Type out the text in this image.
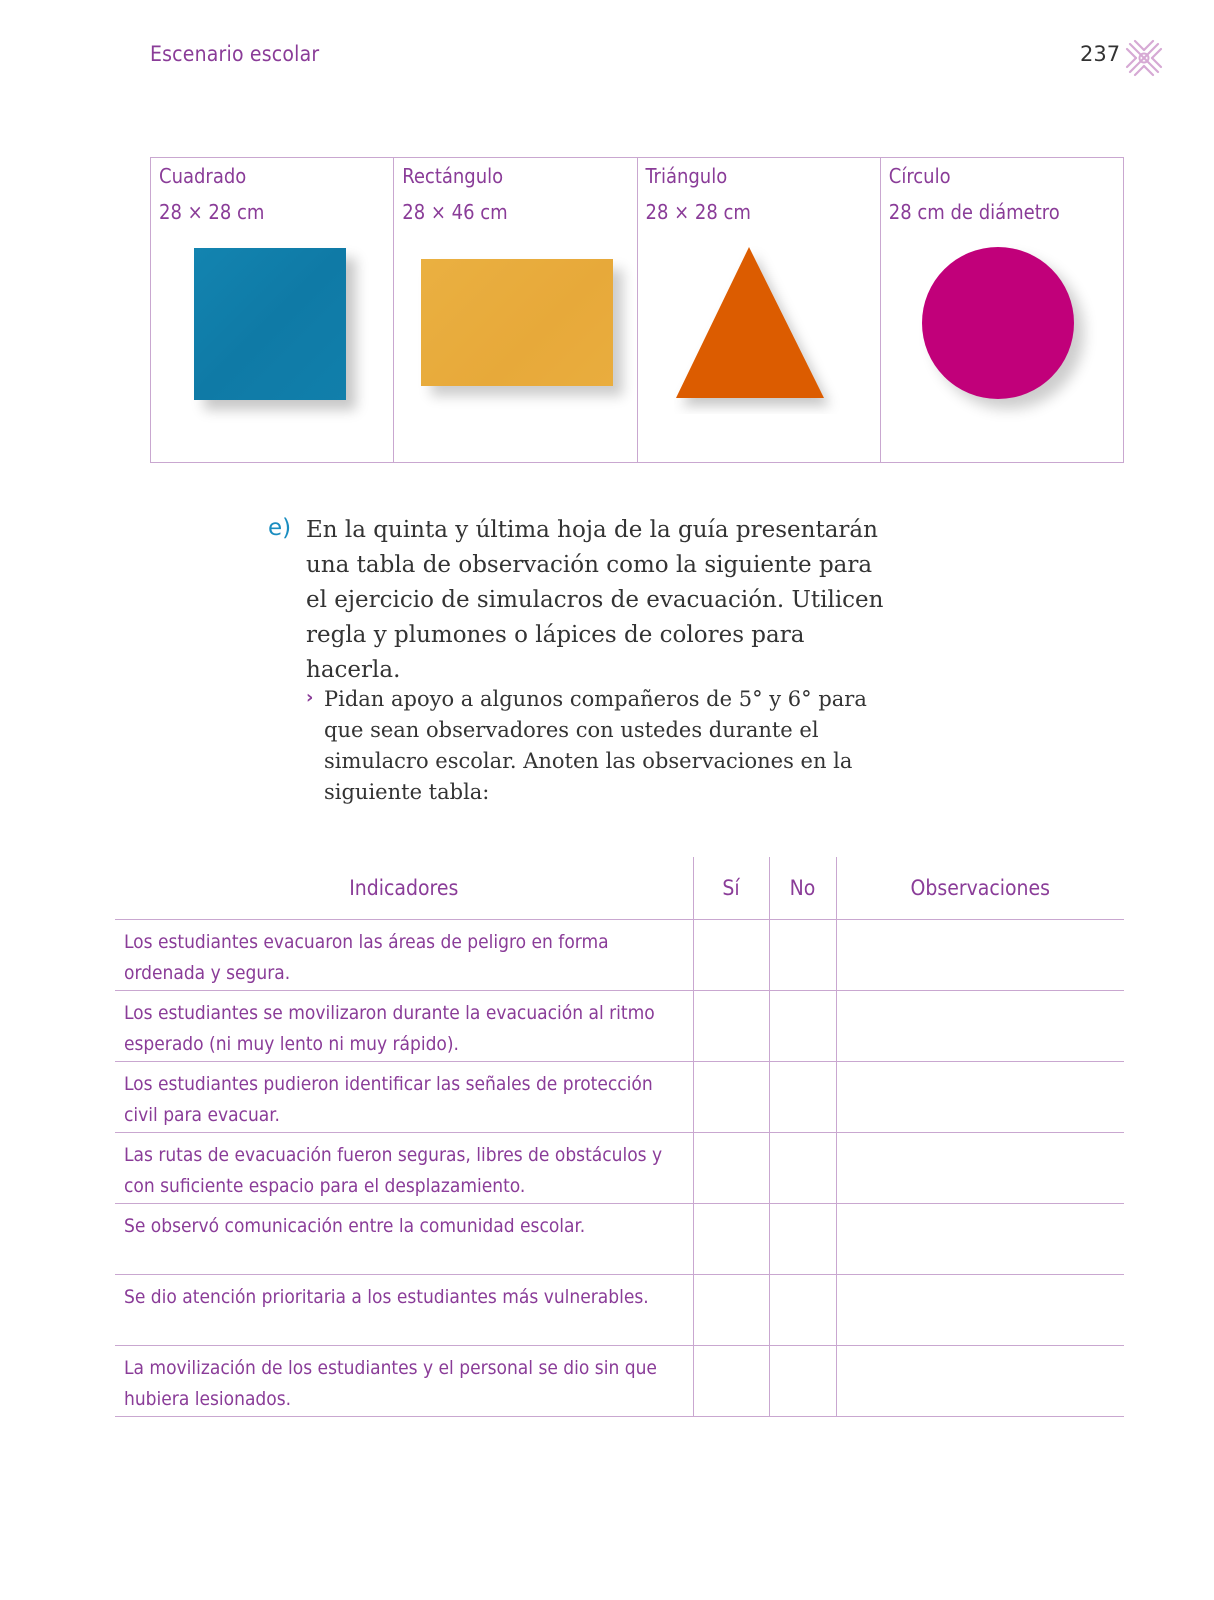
Escenario escolar	237
Cuadrado
28 × 28 cm
Rectángulo
28 × 46 cm
Triángulo
28 × 28 cm
Círculo
28 cm de diámetro
e) En la quinta y última hoja de la guía presentarán una tabla de observación como la siguiente para el ejercicio de simulacros de evacuación. Utilicen regla y plumones o lápices de colores para hacerla.
› Pidan apoyo a algunos compañeros de 5° y 6° para que sean observadores con ustedes durante el simulacro escolar. Anoten las observaciones en la siguiente tabla:
Indicadores	Sí	No	Observaciones

Los estudiantes evacuaron las áreas de peligro en forma ordenada y segura.			

Los estudiantes se movilizaron durante la evacuación al ritmo esperado (ni muy lento ni muy rápido).			

Los estudiantes pudieron identificar las señales de protección civil para evacuar.			

Las rutas de evacuación fueron seguras, libres de obstáculos y con suficiente espacio para el desplazamiento.			

Se observó comunicación entre la comunidad escolar.			

Se dio atención prioritaria a los estudiantes más vulnerables.			

La movilización de los estudiantes y el personal se dio sin que hubiera lesionados.			
